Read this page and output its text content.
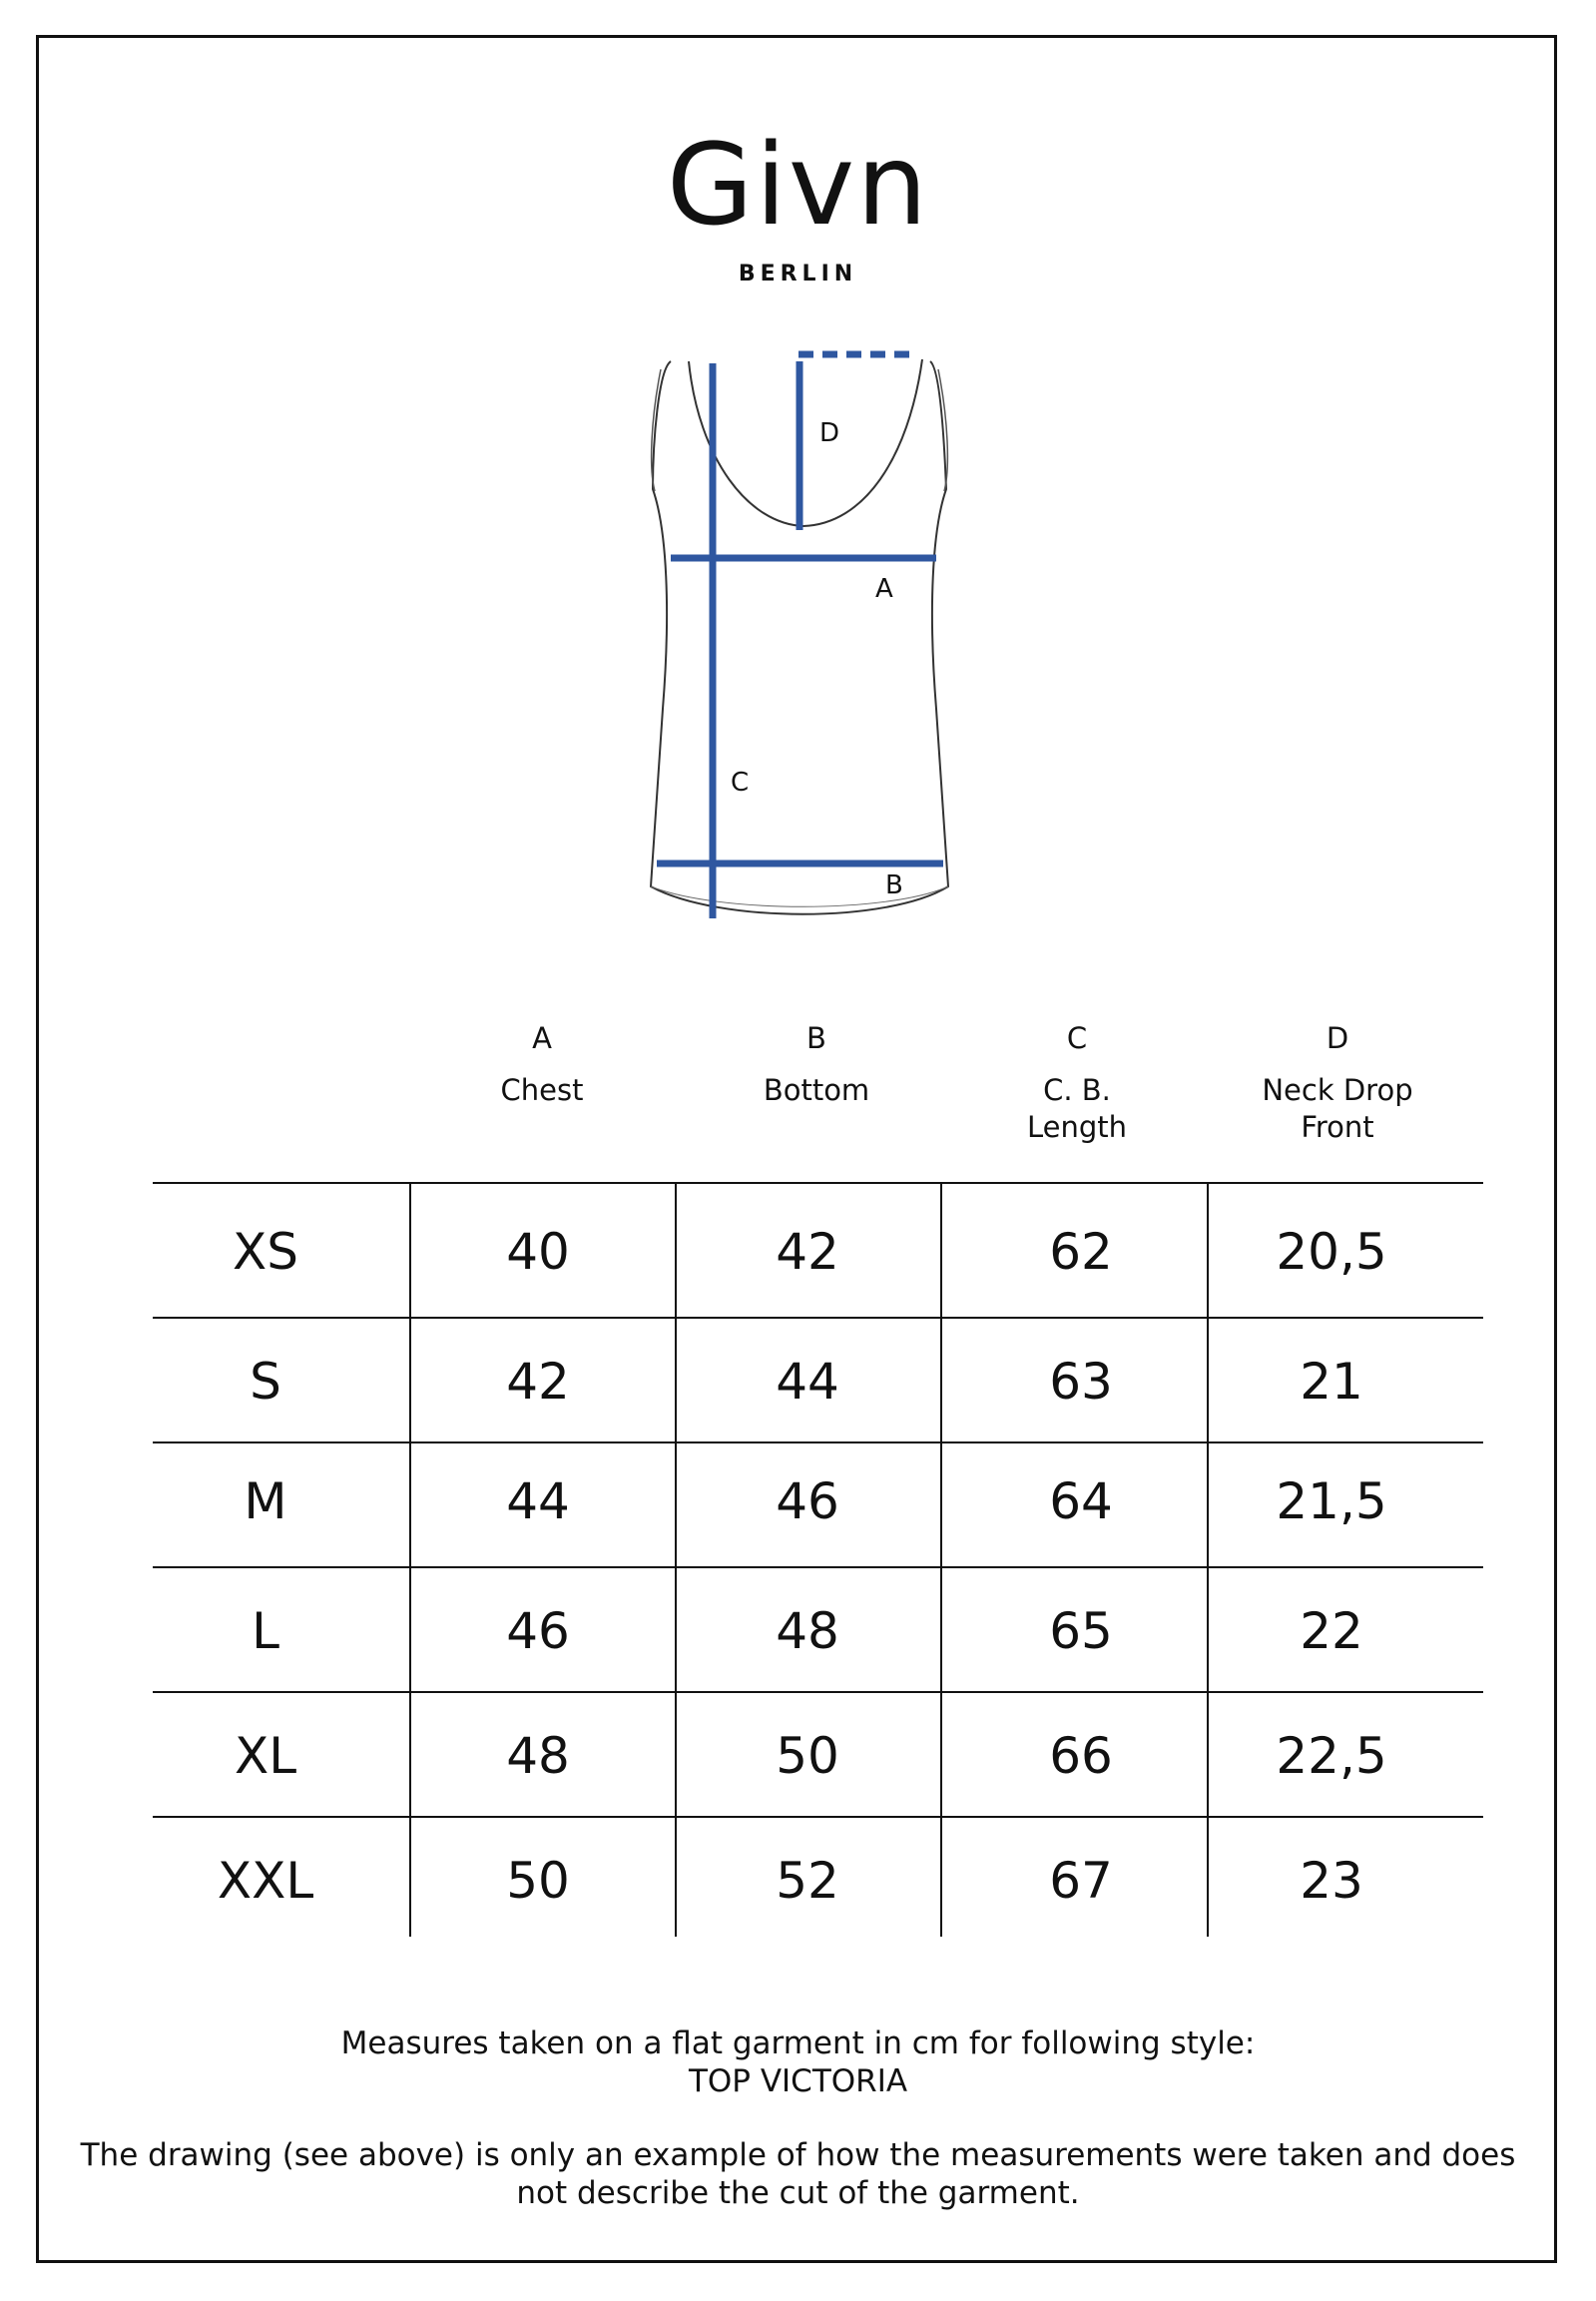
Givn
BERLIN
D
A
C
B
A
Chest
B
Bottom
C
C. B. Length
D
Neck Drop Front
XS	40	42	62	20,5
S	42	44	63	21
M	44	46	64	21,5
L	46	48	65	22
XL	48	50	66	22,5
XXL	50	52	67	23
Measures taken on a flat garment in cm for following style:
TOP VICTORIA
The drawing (see above) is only an example of how the measurements were taken and does
not describe the cut of the garment.
